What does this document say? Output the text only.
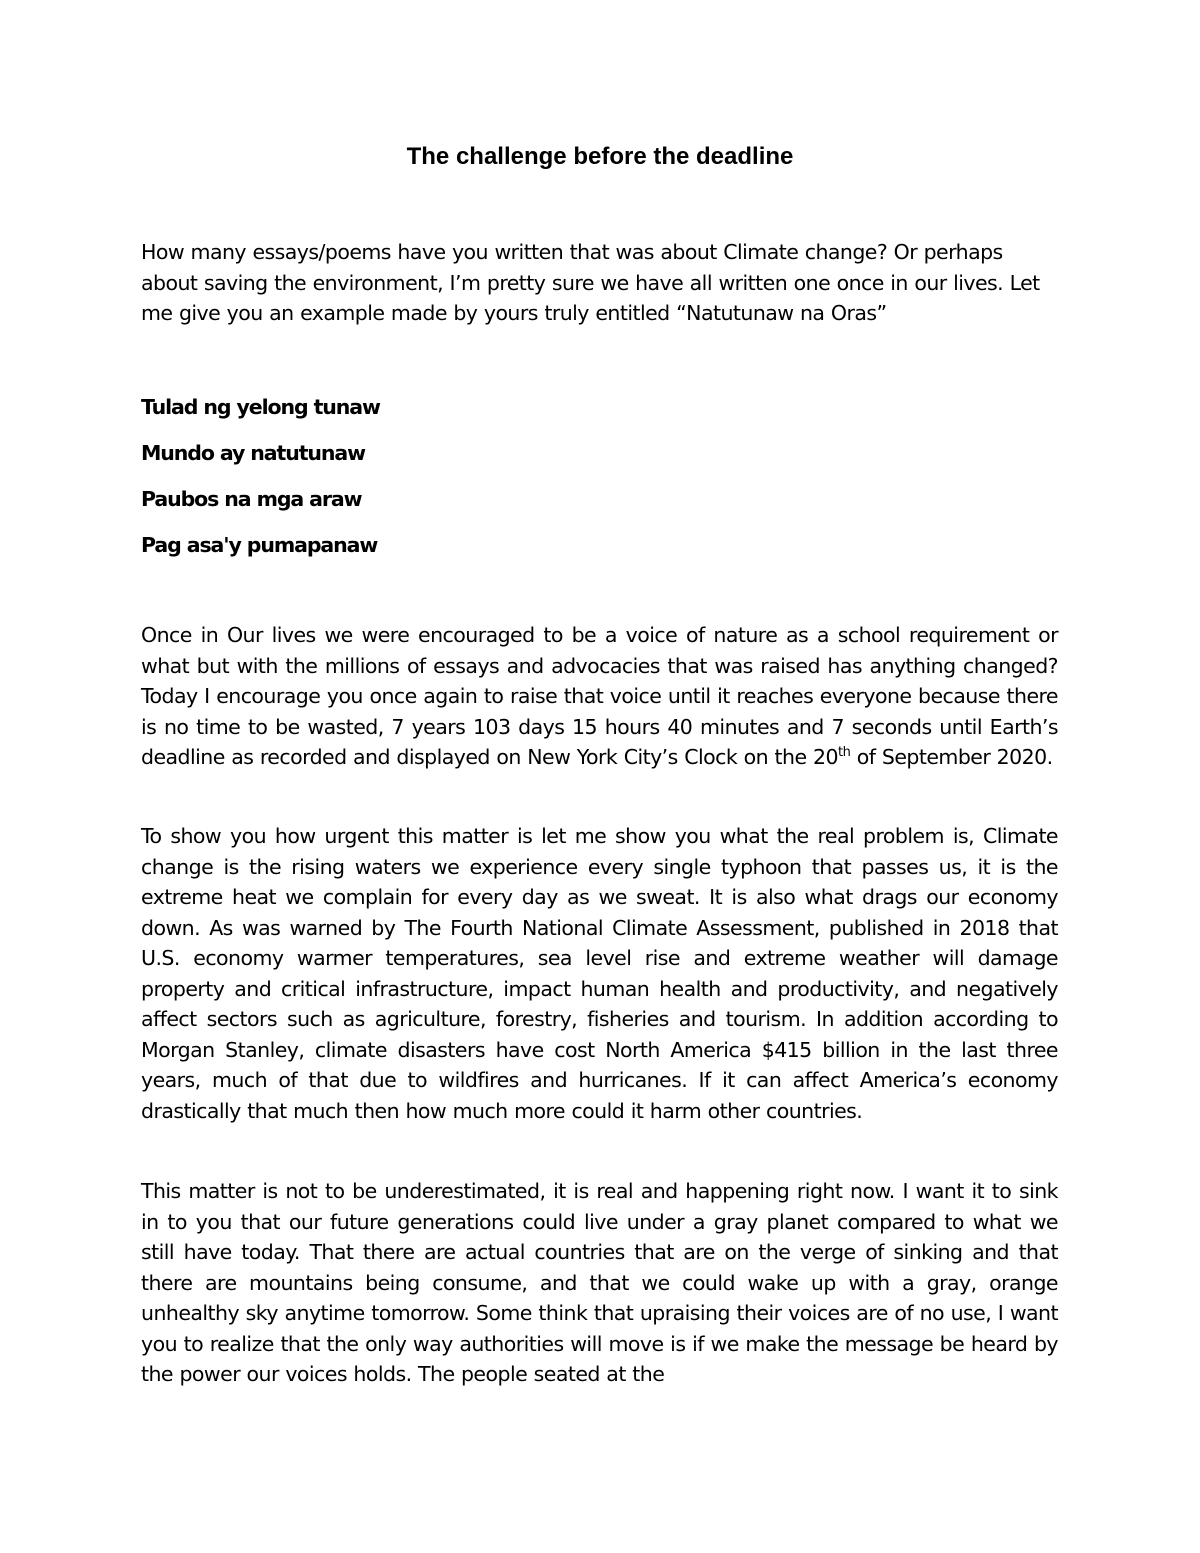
The challenge before the deadline

How many essays/poems have you written that was about Climate change? Or perhaps about saving the environment, I’m pretty sure we have all written one once in our lives. Let me give you an example made by yours truly entitled “Natutunaw na Oras”

Tulad ng yelong tunaw

Mundo ay natutunaw

Paubos na mga araw

Pag asa'y pumapanaw

Once in Our lives we were encouraged to be a voice of nature as a school requirement or what but with the millions of essays and advocacies that was raised has anything changed? Today I encourage you once again to raise that voice until it reaches everyone because there is no time to be wasted, 7 years 103 days 15 hours 40 minutes and 7 seconds until Earth’s deadline as recorded and displayed on New York City’s Clock on the 20th of September 2020.

To show you how urgent this matter is let me show you what the real problem is, Climate change is the rising waters we experience every single typhoon that passes us, it is the extreme heat we complain for every day as we sweat. It is also what drags our economy down. As was warned by The Fourth National Climate Assessment, published in 2018 that U.S. economy warmer temperatures, sea level rise and extreme weather will damage property and critical infrastructure, impact human health and productivity, and negatively affect sectors such as agriculture, forestry, fisheries and tourism. In addition according to Morgan Stanley, climate disasters have cost North America $415 billion in the last three years, much of that due to wildfires and hurricanes. If it can affect America’s economy drastically that much then how much more could it harm other countries.

This matter is not to be underestimated, it is real and happening right now. I want it to sink in to you that our future generations could live under a gray planet compared to what we still have today. That there are actual countries that are on the verge of sinking and that there are mountains being consume, and that we could wake up with a gray, orange unhealthy sky anytime tomorrow. Some think that upraising their voices are of no use, I want you to realize that the only way authorities will move is if we make the message be heard by the power our voices holds. The people seated at the
